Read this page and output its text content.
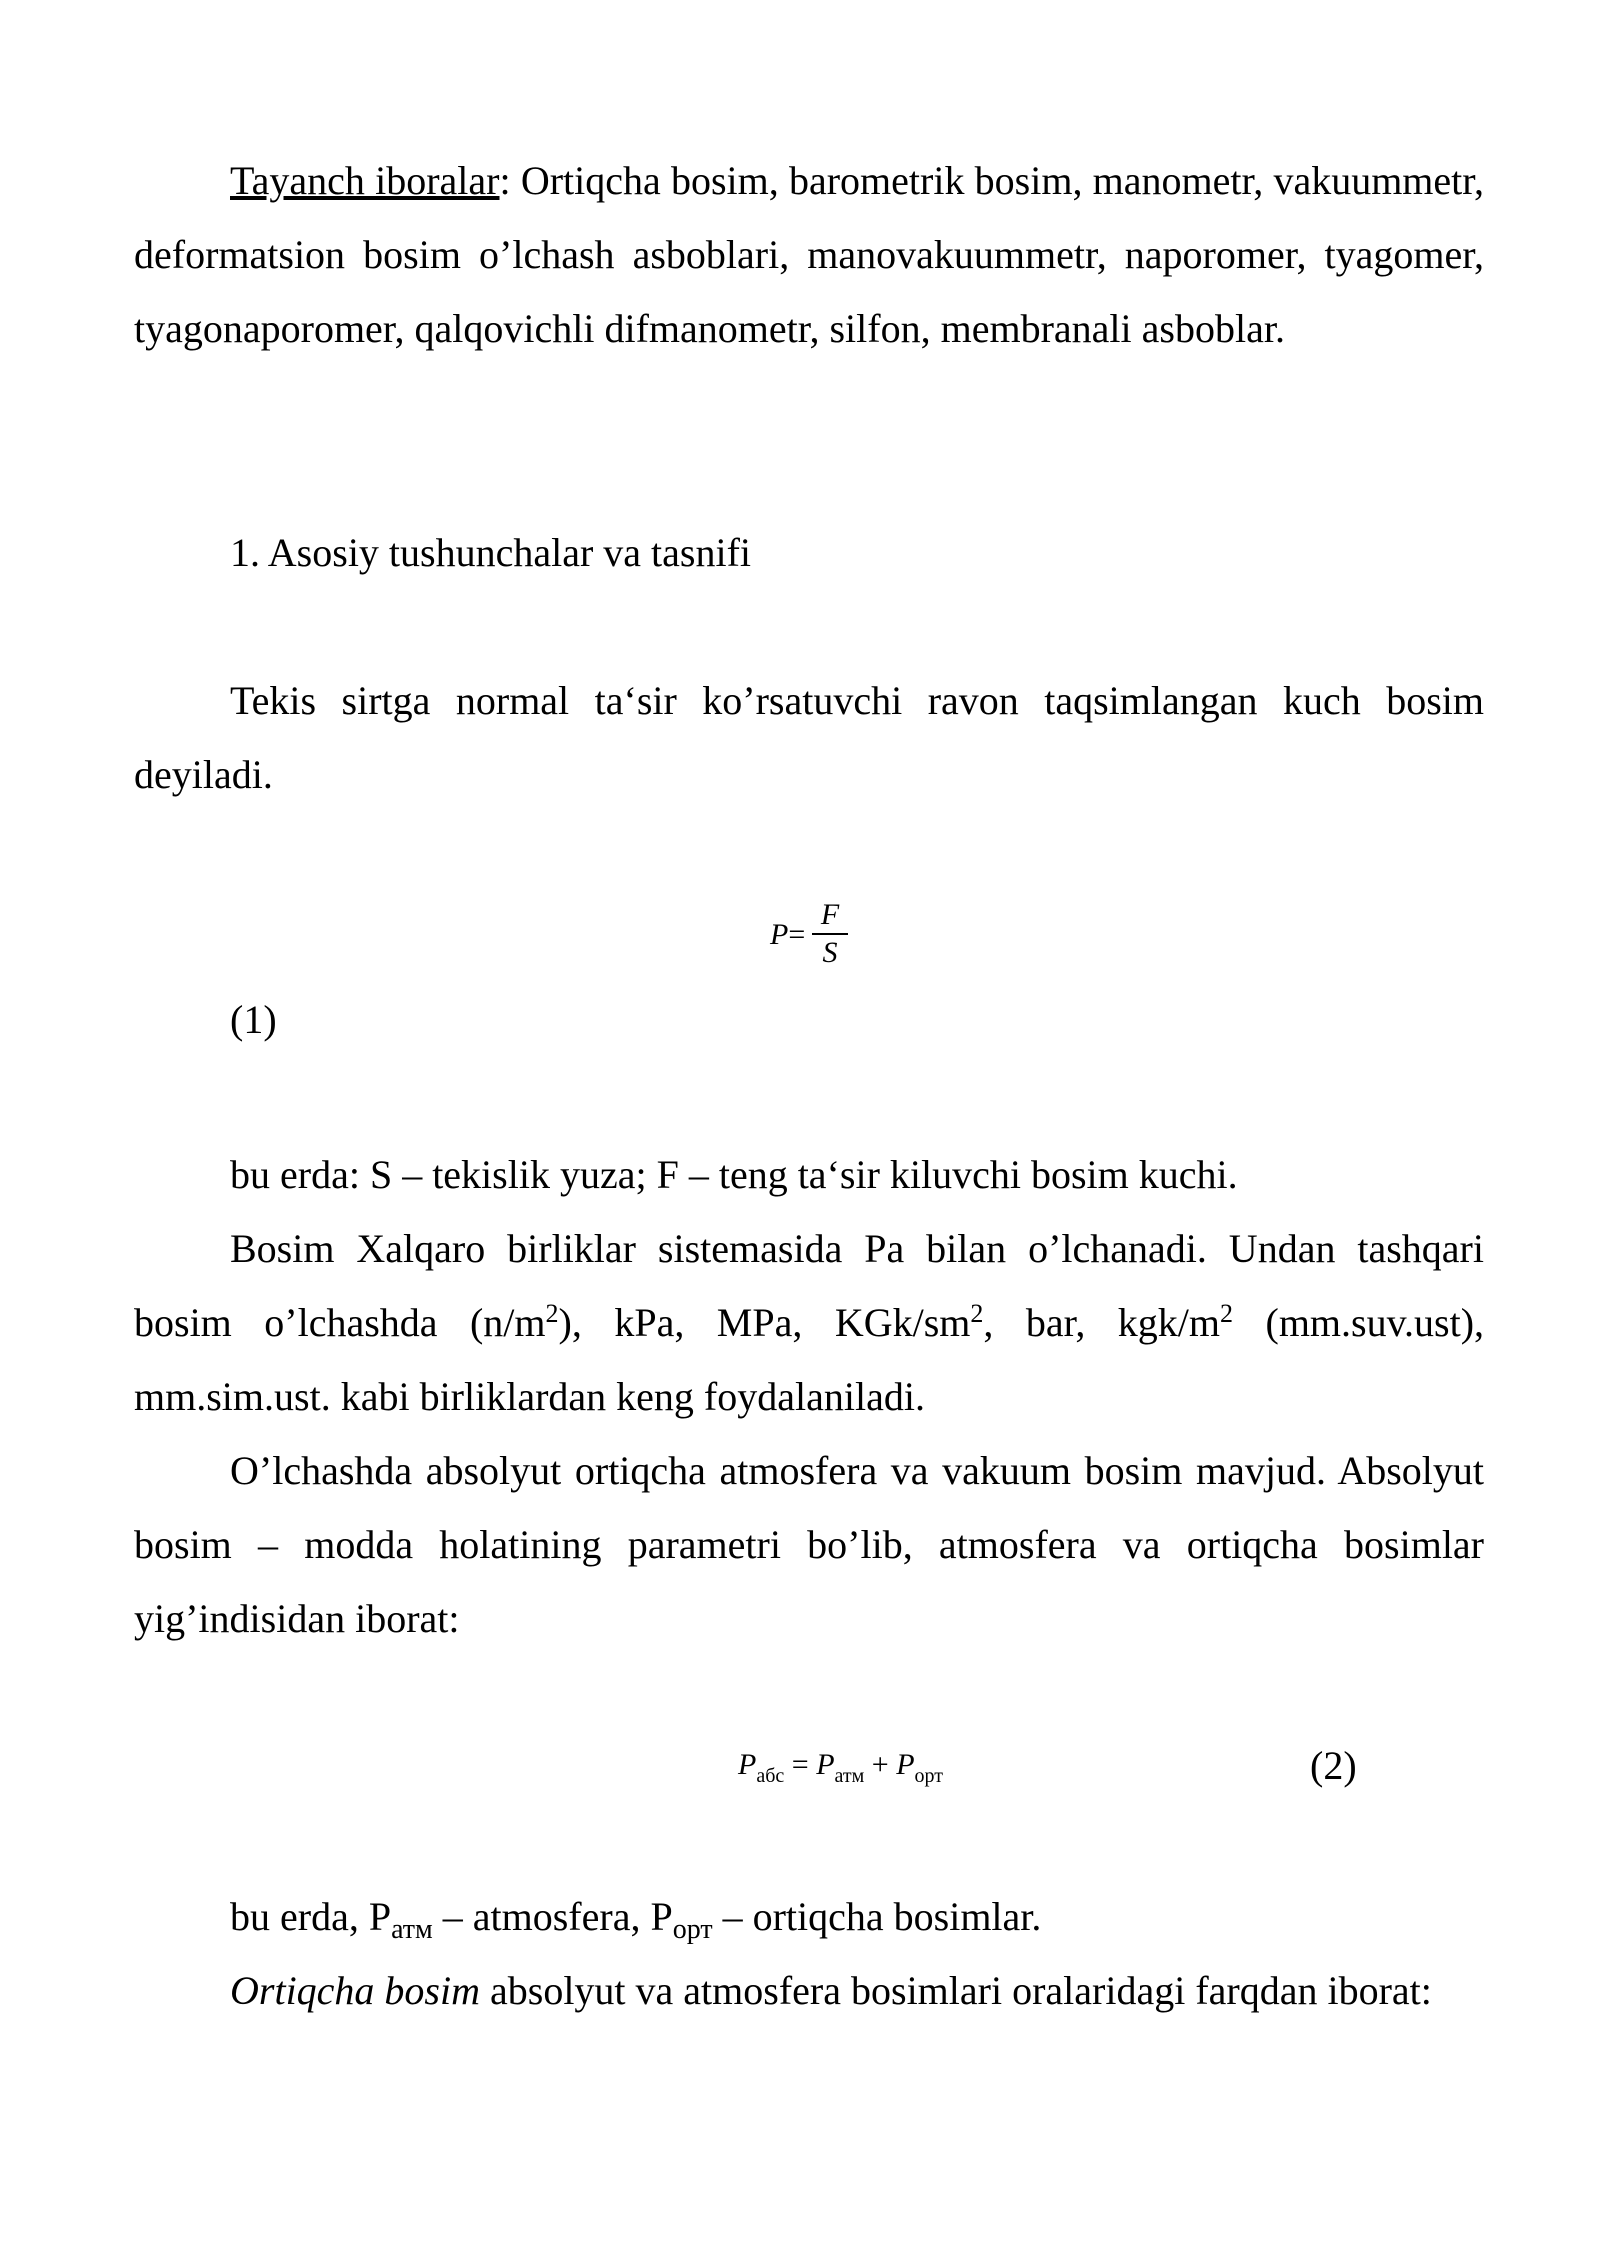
Tayanch iboralar: Ortiqcha bosim, barometrik bosim, manometr, vakuummetr, deformatsion bosim o’lchash asboblari, manovakuummetr, naporomer, tyagomer, tyagonaporomer, qalqovichli difmanometr, silfon, membranali asboblar.

1. Asosiy tushunchalar va tasnifi

Tekis sirtga normal ta‘sir ko’rsatuvchi ravon taqsimlangan kuch bosim deyiladi.

P=
F
S
(1)

bu erda: S – tekislik yuza; F – teng ta‘sir kiluvchi bosim kuchi.

Bosim Xalqaro birliklar sistemasida Pa bilan o’lchanadi. Undan tashqari bosim o’lchashda $(n/m^2)$, kPa, MPa, KGk/$sm^2$, bar, kgk/$m^2$ (mm.suv.ust), mm.sim.ust. kabi birliklardan keng foydalaniladi.

O’lchashda absolyut ortiqcha atmosfera va vakuum bosim mavjud. Absolyut bosim – modda holatining parametri bo’lib, atmosfera va ortiqcha bosimlar yig’indisidan iborat:

$P_{абс} = P_{атм} + P_{орт}$	(2)

bu erda, $P_{атм}$ – atmosfera, $P_{орт}$ – ortiqcha bosimlar.

Ortiqcha bosim absolyut va atmosfera bosimlari oralaridagi farqdan iborat:
